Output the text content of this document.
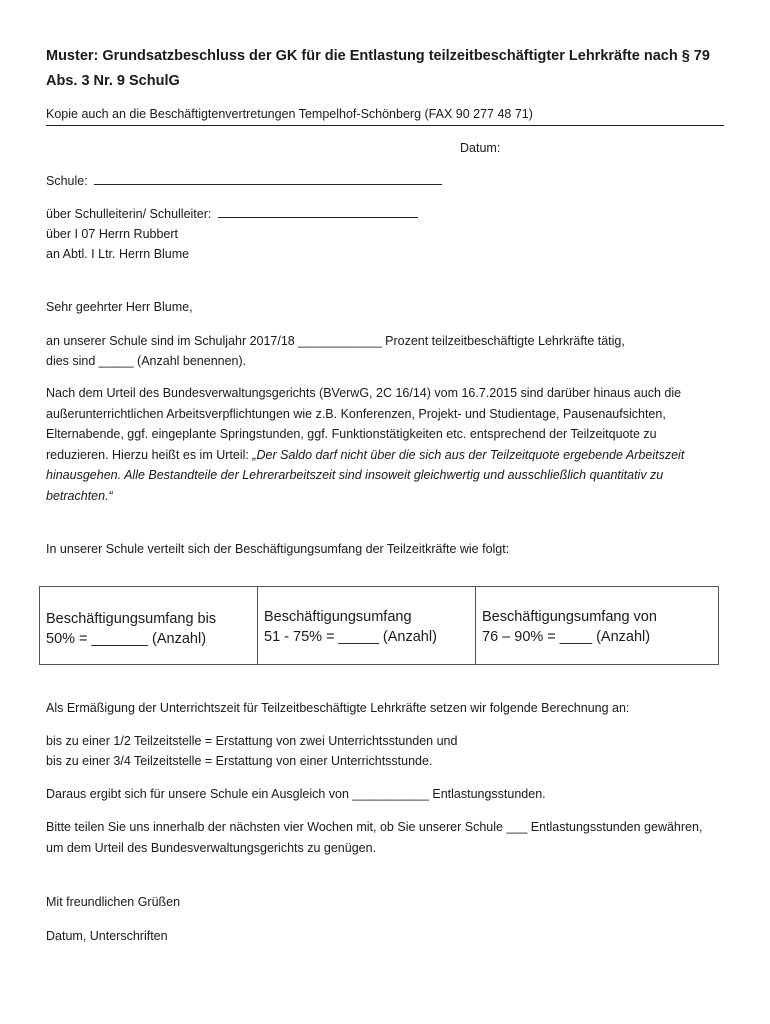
Muster: Grundsatzbeschluss der GK für die Entlastung teilzeitbeschäftigter Lehrkräfte nach § 79 Abs. 3 Nr. 9 SchulG
Kopie auch an die Beschäftigtenvertretungen Tempelhof-Schönberg (FAX 90 277 48 71)
Datum:
Schule:
über Schulleiterin/ Schulleiter:
über I 07 Herrn Rubbert
an Abtl. I Ltr. Herrn Blume
Sehr geehrter Herr Blume,
an unserer Schule sind im Schuljahr 2017/18 ____________ Prozent teilzeitbeschäftigte Lehrkräfte tätig,
dies sind _____ (Anzahl benennen).
Nach dem Urteil des Bundesverwaltungsgerichts (BVerwG, 2C 16/14) vom 16.7.2015 sind darüber hinaus auch die außerunterrichtlichen Arbeitsverpflichtungen wie z.B. Konferenzen, Projekt- und Studientage, Pausenaufsichten, Elternabende, ggf. eingeplante Springstunden, ggf. Funktionstätigkeiten etc. entsprechend der Teilzeitquote zu reduzieren. Hierzu heißt es im Urteil: „Der Saldo darf nicht über die sich aus der Teilzeitquote ergebende Arbeitszeit hinausgehen. Alle Bestandteile der Lehrerarbeitszeit sind insoweit gleichwertig und ausschließlich quantitativ zu betrachten.“
In unserer Schule verteilt sich der Beschäftigungsumfang der Teilzeitkräfte wie folgt:
Beschäftigungsumfang bis
50% = _______ (Anzahl)
Beschäftigungsumfang
51 - 75% = _____ (Anzahl)
Beschäftigungsumfang von
76 – 90% = ____ (Anzahl)
Als Ermäßigung der Unterrichtszeit für Teilzeitbeschäftigte Lehrkräfte setzen wir folgende Berechnung an:
bis zu einer 1/2 Teilzeitstelle = Erstattung von zwei Unterrichtsstunden und
bis zu einer 3/4 Teilzeitstelle = Erstattung von einer Unterrichtsstunde.
Daraus ergibt sich für unsere Schule ein Ausgleich von ___________ Entlastungsstunden.
Bitte teilen Sie uns innerhalb der nächsten vier Wochen mit, ob Sie unserer Schule ___ Entlastungsstunden gewähren, um dem Urteil des Bundesverwaltungsgerichts zu genügen.
Mit freundlichen Grüßen
Datum, Unterschriften
